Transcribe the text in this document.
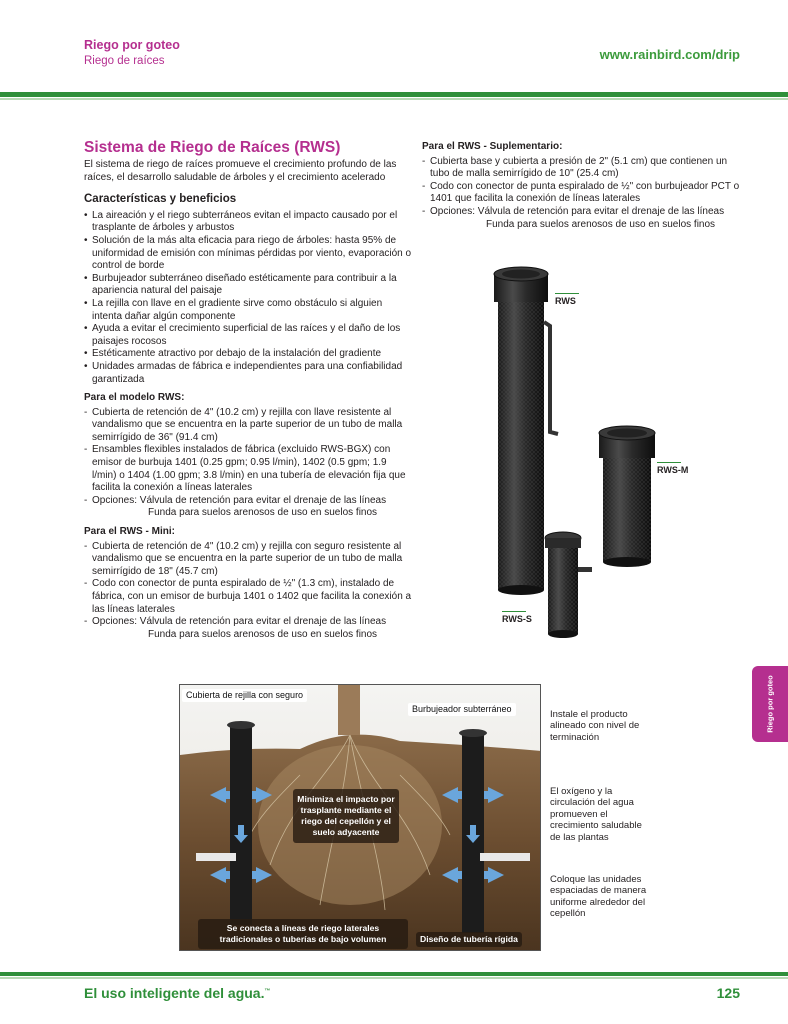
Riego por goteo
Riego de raíces	www.rainbird.com/drip
Sistema de Riego de Raíces (RWS)
El sistema de riego de raíces promueve el crecimiento profundo de las raíces, el desarrollo saludable de árboles y el crecimiento acelerado
Características y beneficios
• La aireación y el riego subterráneos evitan el impacto causado por el trasplante de árboles y arbustos
• Solución de la más alta eficacia para riego de árboles: hasta 95% de uniformidad de emisión con mínimas pérdidas por viento, evaporación o control de borde
• Burbujeador subterráneo diseñado estéticamente para contribuir a la apariencia natural del paisaje
• La rejilla con llave en el gradiente sirve como obstáculo si alguien intenta dañar algún componente
• Ayuda a evitar el crecimiento superficial de las raíces y el daño de los paisajes rocosos
• Estéticamente atractivo por debajo de la instalación del gradiente
• Unidades armadas de fábrica e independientes para una confiabilidad garantizada
Para el modelo RWS:
- Cubierta de retención de 4" (10.2 cm) y rejilla con llave resistente al vandalismo que se encuentra en la parte superior de un tubo de malla semirrígido de 36" (91.4 cm)
- Ensambles flexibles instalados de fábrica (excluido RWS-BGX) con emisor de burbuja 1401 (0.25 gpm; 0.95 l/min), 1402 (0.5 gpm; 1.9 l/min) o 1404 (1.00 gpm; 3.8 l/min) en una tubería de elevación fija que facilita la conexión a líneas laterales
- Opciones: Válvula de retención para evitar el drenaje de las líneas
Funda para suelos arenosos de uso en suelos finos
Para el RWS - Mini:
- Cubierta de retención de 4" (10.2 cm) y rejilla con seguro resistente al vandalismo que se encuentra en la parte superior de un tubo de malla semirrígido de 18" (45.7 cm)
- Codo con conector de punta espiralado de ½" (1.3 cm), instalado de fábrica, con un emisor de burbuja 1401 o 1402 que facilita la conexión a las líneas laterales
- Opciones: Válvula de retención para evitar el drenaje de las líneas
Funda para suelos arenosos de uso en suelos finos
Para el RWS - Suplementario:
- Cubierta base y cubierta a presión de 2" (5.1 cm) que contienen un tubo de malla semirrígido de 10" (25.4 cm)
- Codo con conector de punta espiralado de ½" con burbujeador PCT o 1401 que facilita la conexión de líneas laterales
- Opciones: Válvula de retención para evitar el drenaje de las líneas
Funda para suelos arenosos de uso en suelos finos
RWS
RWS-M
RWS-S
Cubierta de rejilla con seguro
Burbujeador subterráneo
Minimiza el impacto por trasplante mediante el riego del cepellón y el suelo adyacente
Se conecta a líneas de riego laterales tradicionales o tuberías de bajo volumen	Diseño de tubería rígida
Instale el producto alineado con nivel de terminación
El oxígeno y la circulación del agua promueven el crecimiento saludable de las plantas
Coloque las unidades espaciadas de manera uniforme alrededor del cepellón
Riego por goteo
El uso inteligente del agua.™	125
